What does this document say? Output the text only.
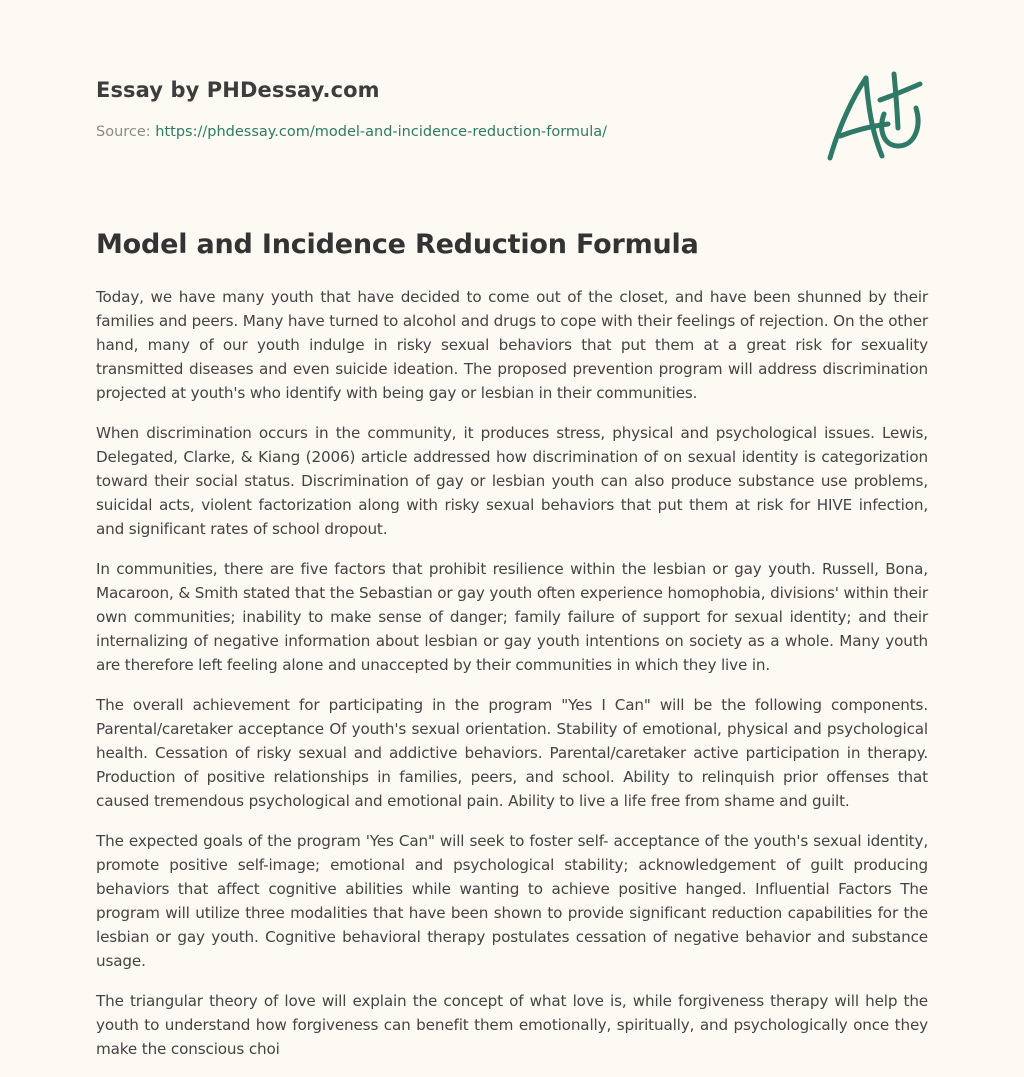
Essay by PHDessay.com
Source: https://phdessay.com/model-and-incidence-reduction-formula/
Model and Incidence Reduction Formula

Today, we have many youth that have decided to come out of the closet, and have been shunned by their families and peers. Many have turned to alcohol and drugs to cope with their feelings of rejection. On the other hand, many of our youth indulge in risky sexual behaviors that put them at a great risk for sexuality transmitted diseases and even suicide ideation. The proposed prevention program will address discrimination projected at youth's who identify with being gay or lesbian in their communities.

When discrimination occurs in the community, it produces stress, physical and psychological issues. Lewis, Delegated, Clarke, & Kiang (2006) article addressed how discrimination of on sexual identity is categorization toward their social status. Discrimination of gay or lesbian youth can also produce substance use problems, suicidal acts, violent factorization along with risky sexual behaviors that put them at risk for HIVE infection, and significant rates of school dropout.

In communities, there are five factors that prohibit resilience within the lesbian or gay youth. Russell, Bona, Macaroon, & Smith stated that the Sebastian or gay youth often experience homophobia, divisions' within their own communities; inability to make sense of danger; family failure of support for sexual identity; and their internalizing of negative information about lesbian or gay youth intentions on society as a whole. Many youth are therefore left feeling alone and unaccepted by their communities in which they live in.

The overall achievement for participating in the program "Yes I Can" will be the following components. Parental/caretaker acceptance Of youth's sexual orientation. Stability of emotional, physical and psychological health. Cessation of risky sexual and addictive behaviors. Parental/caretaker active participation in therapy. Production of positive relationships in families, peers, and school. Ability to relinquish prior offenses that caused tremendous psychological and emotional pain. Ability to live a life free from shame and guilt.

The expected goals of the program 'Yes Can" will seek to foster self- acceptance of the youth's sexual identity, promote positive self-image; emotional and psychological stability; acknowledgement of guilt producing behaviors that affect cognitive abilities while wanting to achieve positive hanged. Influential Factors The program will utilize three modalities that have been shown to provide significant reduction capabilities for the lesbian or gay youth. Cognitive behavioral therapy postulates cessation of negative behavior and substance usage.

The triangular theory of love will explain the concept of what love is, while forgiveness therapy will help the youth to understand how forgiveness can benefit them emotionally, spiritually, and psychologically once they make the conscious choi
